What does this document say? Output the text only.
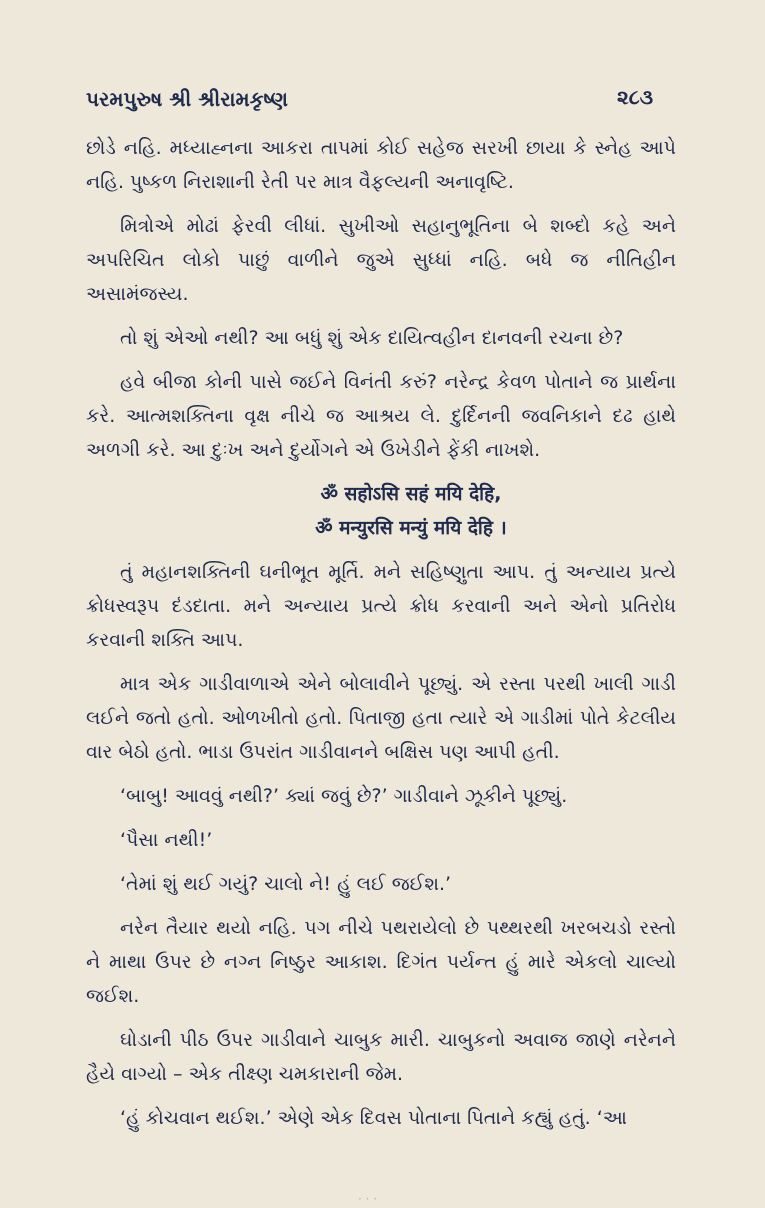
પરમપુરુષ શ્રી શ્રીરામકૃષ્ણ	૨૮૩

છોડે નહિ. મધ્યાહ્નના આકરા તાપમાં કોઈ સહેજ સરખી છાયા કે સ્નેહ આપે નહિ. પુષ્કળ નિરાશાની રેતી પર માત્ર વૈફલ્યની અનાવૃષ્ટિ.

મિત્રોએ મોઢાં ફેરવી લીધાં. સુખીઓ સહાનુભૂતિના બે શબ્દો કહે અને અપરિચિત લોકો પાછું વાળીને જુએ સુધ્ધાં નહિ. બધે જ નીતિહીન અસામંજસ્ય.

તો શું એઓ નથી? આ બધું શું એક દાયિત્વહીન દાનવની રચના છે?

હવે બીજા કોની પાસે જઈને વિનંતી કરું? નરેન્દ્ર કેવળ પોતાને જ પ્રાર્થના કરે. આત્મશક્તિના વૃક્ષ નીચે જ આશ્રય લે. દુર્દિનની જવનિકાને દઢ હાથે અળગી કરે. આ દુઃખ અને દુર્યોગને એ ઉખેડીને ફેંકી નાખશે.

ॐ सहोऽसि सहं मयि देहि,
ॐ मन्युरसि मन्युं मयि देहि ।

તું મહાનશક્તિની ઘનીભૂત મૂર્તિ. મને સહિષ્ણુતા આપ. તું અન્યાય પ્રત્યે ક્રોધસ્વરૂપ દંડદાતા. મને અન્યાય પ્રત્યે ક્રોધ કરવાની અને એનો પ્રતિરોધ કરવાની શક્તિ આપ.

માત્ર એક ગાડીવાળાએ એને બોલાવીને પૂછ્યું. એ રસ્તા પરથી ખાલી ગાડી લઈને જતો હતો. ઓળખીતો હતો. પિતાજી હતા ત્યારે એ ગાડીમાં પોતે કેટલીય વાર બેઠો હતો. ભાડા ઉપરાંત ગાડીવાનને બક્ષિસ પણ આપી હતી.

‘બાબુ! આવવું નથી?’ ક્યાં જવું છે?’ ગાડીવાને ઝૂકીને પૂછ્યું.

‘પૈસા નથી!’

‘તેમાં શું થઈ ગયું? ચાલો ને! હું લઈ જઈશ.’

નરેન તૈયાર થયો નહિ. પગ નીચે પથરાયેલો છે પથ્થરથી ખરબચડો રસ્તો ને માથા ઉપર છે નગ્ન નિષ્ઠુર આકાશ. દિગંત પર્યન્ત હું મારે એકલો ચાલ્યો જઈશ.

ઘોડાની પીઠ ઉપર ગાડીવાને ચાબુક મારી. ચાબુકનો અવાજ જાણે નરેનને હૈયે વાગ્યો – એક તીક્ષ્ણ ચમકારાની જેમ.

‘હું કોચવાન થઈશ.’ એણે એક દિવસ પોતાના પિતાને કહ્યું હતું. ‘આ

· · ·
